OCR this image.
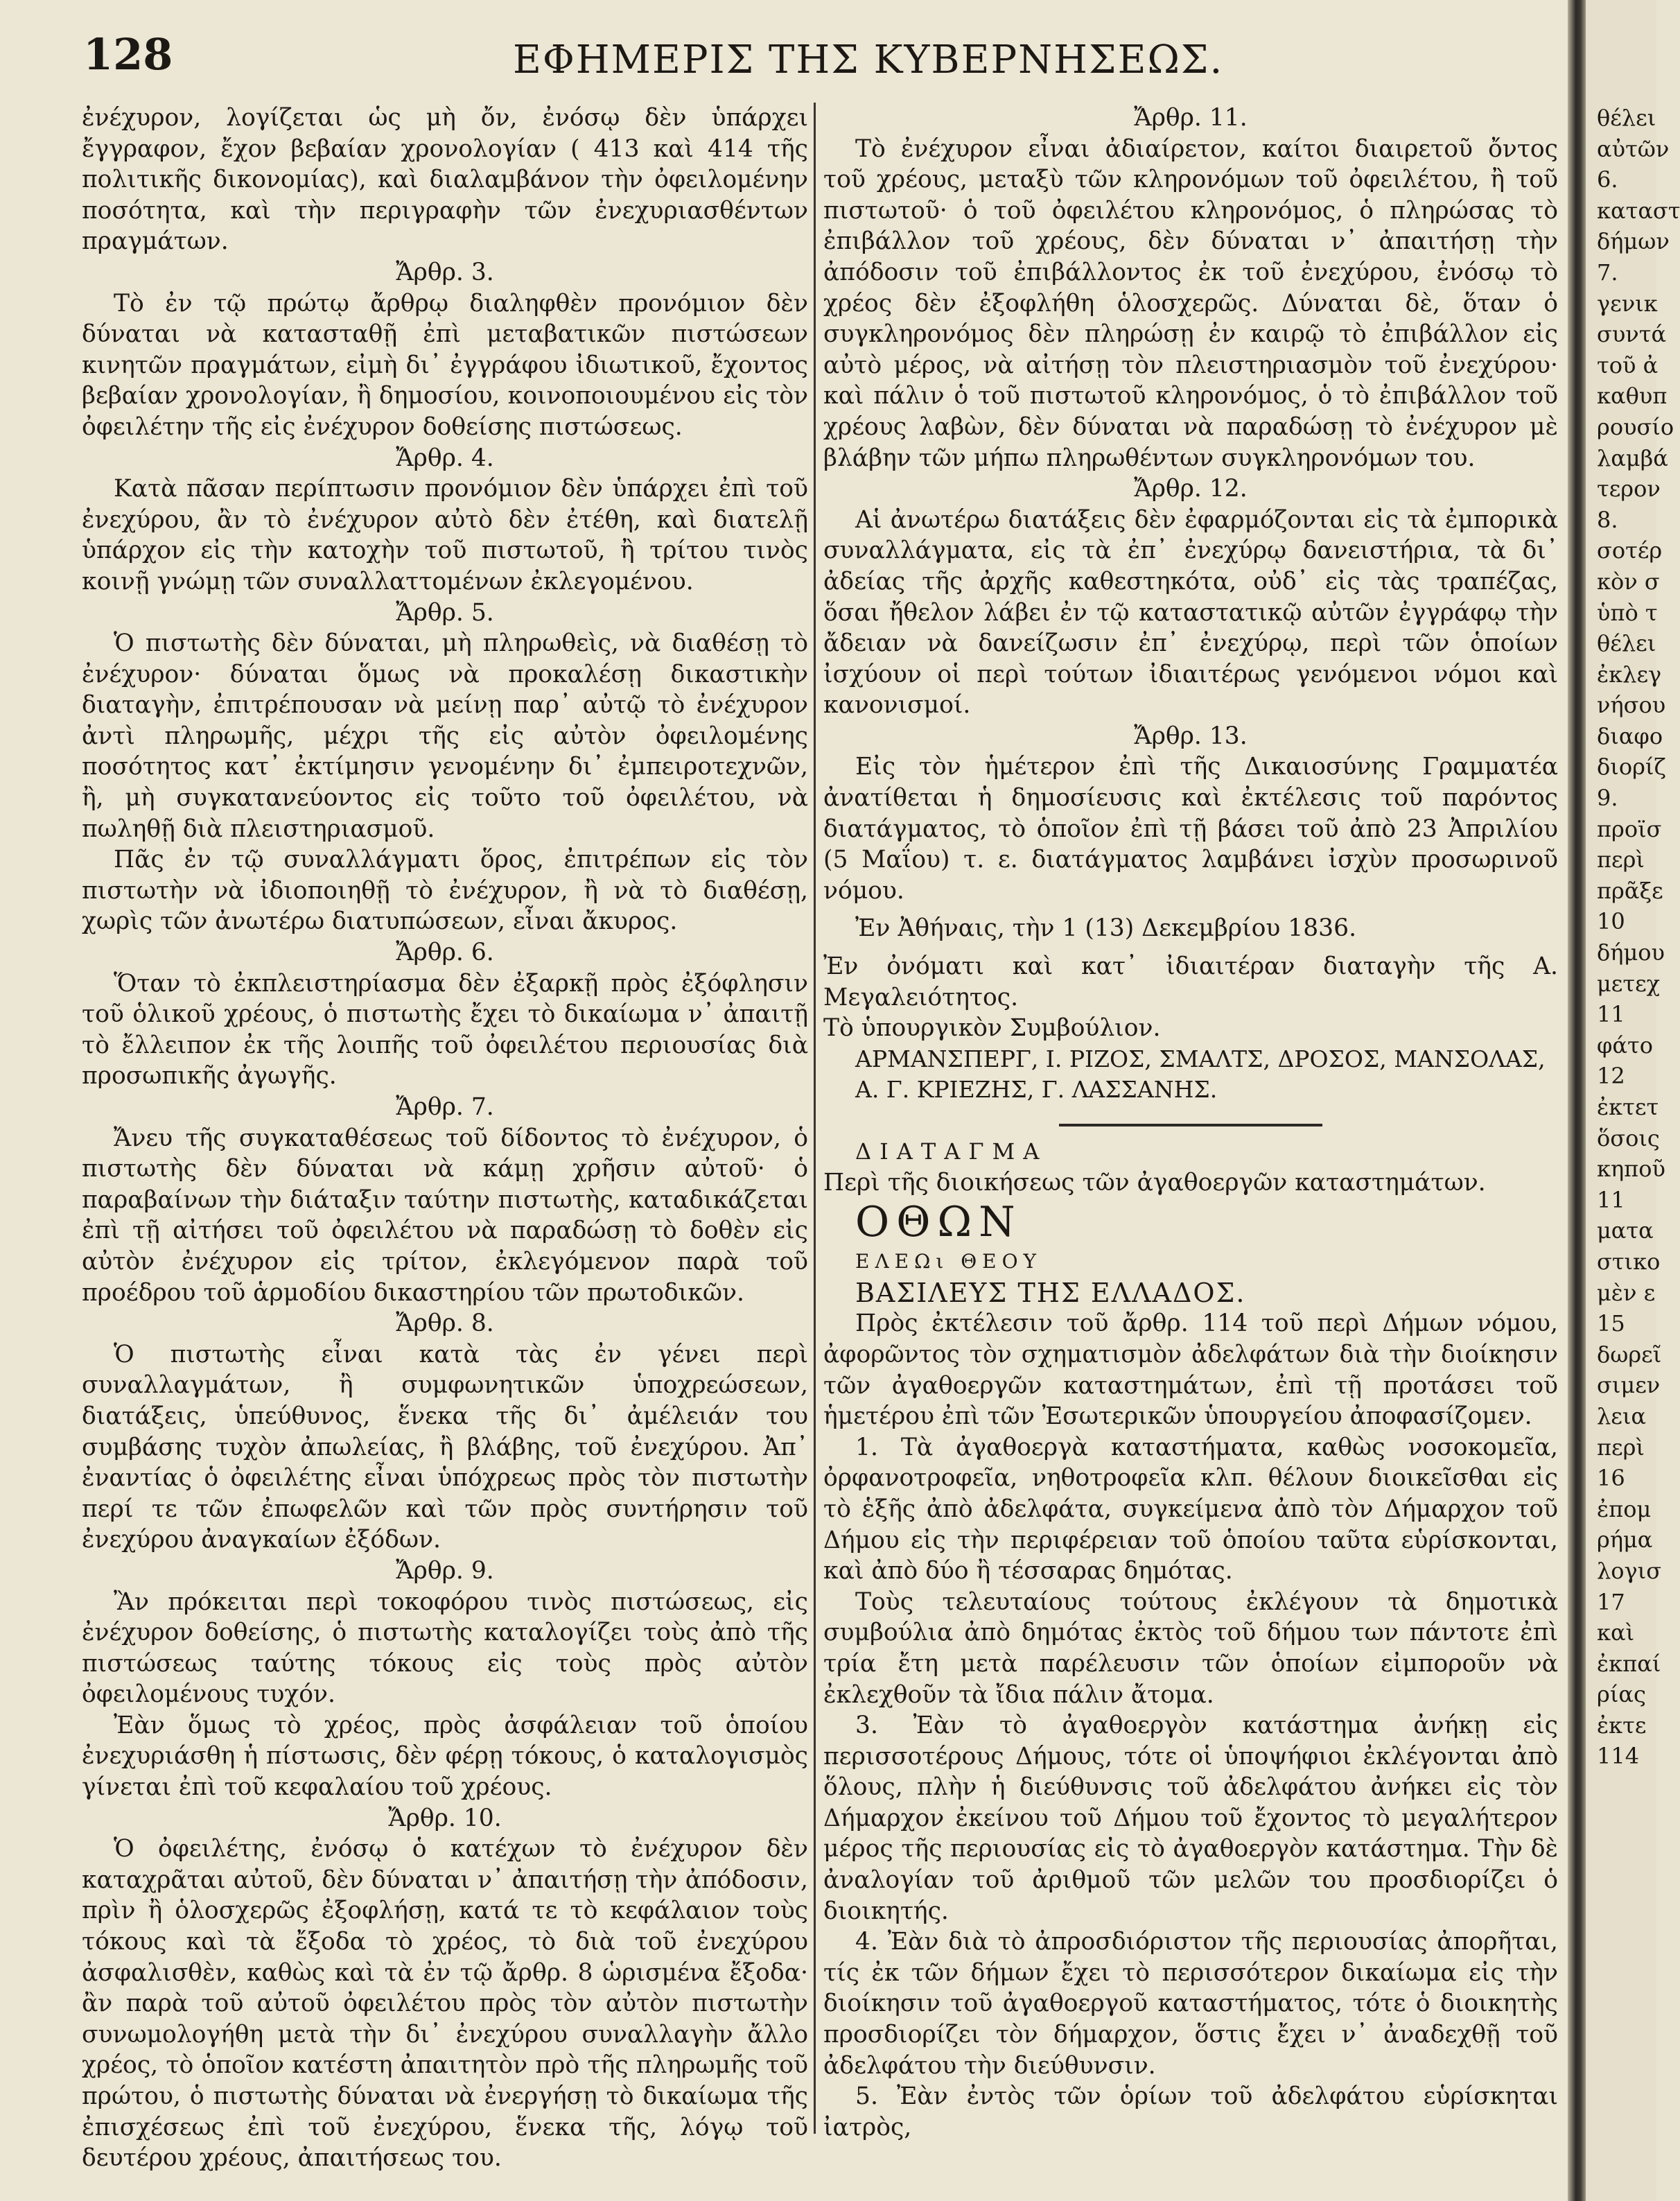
128	ΕΦΗΜΕΡΙΣ ΤΗΣ ΚΥΒΕΡΝΗΣΕΩΣ.

ἐνέχυρον, λογίζεται ὡς μὴ ὄν, ἐνόσῳ δὲν ὑπάρχει ἔγγραφον, ἔχον βεβαίαν χρονολογίαν ( 413 καὶ 414 τῆς πολιτικῆς δικονομίας), καὶ διαλαμβάνον τὴν ὀφειλομένην ποσότητα, καὶ τὴν περιγραφὴν τῶν ἐνεχυριασθέντων πραγμάτων.

Ἄρθρ. 3.

Τὸ ἐν τῷ πρώτῳ ἄρθρῳ διαληφθὲν προνόμιον δὲν δύναται νὰ κατασταθῇ ἐπὶ μεταβατικῶν πιστώσεων κινητῶν πραγμάτων, εἰμὴ δι᾽ ἐγγράφου ἰδιωτικοῦ, ἔχοντος βεβαίαν χρονολογίαν, ἢ δημοσίου, κοινοποιουμένου εἰς τὸν ὀφειλέτην τῆς εἰς ἐνέχυρον δοθείσης πιστώσεως.

Ἄρθρ. 4.

Κατὰ πᾶσαν περίπτωσιν προνόμιον δὲν ὑπάρχει ἐπὶ τοῦ ἐνεχύρου, ἂν τὸ ἐνέχυρον αὐτὸ δὲν ἐτέθη, καὶ διατελῇ ὑπάρχον εἰς τὴν κατοχὴν τοῦ πιστωτοῦ, ἢ τρίτου τινὸς κοινῇ γνώμῃ τῶν συναλλαττομένων ἐκλεγομένου.

Ἄρθρ. 5.

Ὁ πιστωτὴς δὲν δύναται, μὴ πληρωθεὶς, νὰ διαθέσῃ τὸ ἐνέχυρον· δύναται ὅμως νὰ προκαλέσῃ δικαστικὴν διαταγὴν, ἐπιτρέπουσαν νὰ μείνῃ παρ᾽ αὐτῷ τὸ ἐνέχυρον ἀντὶ πληρωμῆς, μέχρι τῆς εἰς αὐτὸν ὀφειλομένης ποσότητος κατ᾽ ἐκτίμησιν γενομένην δι᾽ ἐμπειροτεχνῶν, ἢ, μὴ συγκατανεύοντος εἰς τοῦτο τοῦ ὀφειλέτου, νὰ πωληθῇ διὰ πλειστηριασμοῦ.

Πᾶς ἐν τῷ συναλλάγματι ὅρος, ἐπιτρέπων εἰς τὸν πιστωτὴν νὰ ἰδιοποιηθῇ τὸ ἐνέχυρον, ἢ νὰ τὸ διαθέσῃ, χωρὶς τῶν ἀνωτέρω διατυπώσεων, εἶναι ἄκυρος.

Ἄρθρ. 6.

Ὅταν τὸ ἐκπλειστηρίασμα δὲν ἐξαρκῇ πρὸς ἐξόφλησιν τοῦ ὁλικοῦ χρέους, ὁ πιστωτὴς ἔχει τὸ δικαίωμα ν᾽ ἀπαιτῇ τὸ ἔλλειπον ἐκ τῆς λοιπῆς τοῦ ὀφειλέτου περιουσίας διὰ προσωπικῆς ἀγωγῆς.

Ἄρθρ. 7.

Ἄνευ τῆς συγκαταθέσεως τοῦ δίδοντος τὸ ἐνέχυρον, ὁ πιστωτὴς δὲν δύναται νὰ κάμῃ χρῆσιν αὐτοῦ· ὁ παραβαίνων τὴν διάταξιν ταύτην πιστωτὴς, καταδικάζεται ἐπὶ τῇ αἰτήσει τοῦ ὀφειλέτου νὰ παραδώσῃ τὸ δοθὲν εἰς αὐτὸν ἐνέχυρον εἰς τρίτον, ἐκλεγόμενον παρὰ τοῦ προέδρου τοῦ ἁρμοδίου δικαστηρίου τῶν πρωτοδικῶν.

Ἄρθρ. 8.

Ὁ πιστωτὴς εἶναι κατὰ τὰς ἐν γένει περὶ συναλλαγμάτων, ἢ συμφωνητικῶν ὑποχρεώσεων, διατάξεις, ὑπεύθυνος, ἕνεκα τῆς δι᾽ ἀμέλειάν του συμβάσης τυχὸν ἀπωλείας, ἢ βλάβης, τοῦ ἐνεχύρου. Ἀπ᾽ ἐναντίας ὁ ὀφειλέτης εἶναι ὑπόχρεως πρὸς τὸν πιστωτὴν περί τε τῶν ἐπωφελῶν καὶ τῶν πρὸς συντήρησιν τοῦ ἐνεχύρου ἀναγκαίων ἐξόδων.

Ἄρθρ. 9.

Ἂν πρόκειται περὶ τοκοφόρου τινὸς πιστώσεως, εἰς ἐνέχυρον δοθείσης, ὁ πιστωτὴς καταλογίζει τοὺς ἀπὸ τῆς πιστώσεως ταύτης τόκους εἰς τοὺς πρὸς αὐτὸν ὀφειλομένους τυχόν.

Ἐὰν ὅμως τὸ χρέος, πρὸς ἀσφάλειαν τοῦ ὁποίου ἐνεχυριάσθη ἡ πίστωσις, δὲν φέρῃ τόκους, ὁ καταλογισμὸς γίνεται ἐπὶ τοῦ κεφαλαίου τοῦ χρέους.

Ἄρθρ. 10.

Ὁ ὀφειλέτης, ἐνόσῳ ὁ κατέχων τὸ ἐνέχυρον δὲν καταχρᾶται αὐτοῦ, δὲν δύναται ν᾽ ἀπαιτήσῃ τὴν ἀπόδοσιν, πρὶν ἢ ὁλοσχερῶς ἐξοφλήσῃ, κατά τε τὸ κεφάλαιον τοὺς τόκους καὶ τὰ ἔξοδα τὸ χρέος, τὸ διὰ τοῦ ἐνεχύρου ἀσφαλισθὲν, καθὼς καὶ τὰ ἐν τῷ ἄρθρ. 8 ὡρισμένα ἔξοδα· ἂν παρὰ τοῦ αὐτοῦ ὀφειλέτου πρὸς τὸν αὐτὸν πιστωτὴν συνωμολογήθη μετὰ τὴν δι᾽ ἐνεχύρου συναλλαγὴν ἄλλο χρέος, τὸ ὁποῖον κατέστη ἀπαιτητὸν πρὸ τῆς πληρωμῆς τοῦ πρώτου, ὁ πιστωτὴς δύναται νὰ ἐνεργήσῃ τὸ δικαίωμα τῆς ἐπισχέσεως ἐπὶ τοῦ ἐνεχύρου, ἕνεκα τῆς, λόγῳ τοῦ δευτέρου χρέους, ἀπαιτήσεως του.

Ἄρθρ. 11.

Τὸ ἐνέχυρον εἶναι ἀδιαίρετον, καίτοι διαιρετοῦ ὄντος τοῦ χρέους, μεταξὺ τῶν κληρονόμων τοῦ ὀφειλέτου, ἢ τοῦ πιστωτοῦ· ὁ τοῦ ὀφειλέτου κληρονόμος, ὁ πληρώσας τὸ ἐπιβάλλον τοῦ χρέους, δὲν δύναται ν᾽ ἀπαιτήσῃ τὴν ἀπόδοσιν τοῦ ἐπιβάλλοντος ἐκ τοῦ ἐνεχύρου, ἐνόσῳ τὸ χρέος δὲν ἐξοφλήθη ὁλοσχερῶς. Δύναται δὲ, ὅταν ὁ συγκληρονόμος δὲν πληρώσῃ ἐν καιρῷ τὸ ἐπιβάλλον εἰς αὐτὸ μέρος, νὰ αἰτήσῃ τὸν πλειστηριασμὸν τοῦ ἐνεχύρου· καὶ πάλιν ὁ τοῦ πιστωτοῦ κληρονόμος, ὁ τὸ ἐπιβάλλον τοῦ χρέους λαβὼν, δὲν δύναται νὰ παραδώσῃ τὸ ἐνέχυρον μὲ βλάβην τῶν μήπω πληρωθέντων συγκληρονόμων του.

Ἄρθρ. 12.

Αἱ ἀνωτέρω διατάξεις δὲν ἐφαρμόζονται εἰς τὰ ἐμπορικὰ συναλλάγματα, εἰς τὰ ἐπ᾽ ἐνεχύρῳ δανειστήρια, τὰ δι᾽ ἀδείας τῆς ἀρχῆς καθεστηκότα, οὐδ᾽ εἰς τὰς τραπέζας, ὅσαι ἤθελον λάβει ἐν τῷ καταστατικῷ αὐτῶν ἐγγράφῳ τὴν ἄδειαν νὰ δανείζωσιν ἐπ᾽ ἐνεχύρῳ, περὶ τῶν ὁποίων ἰσχύουν οἱ περὶ τούτων ἰδιαιτέρως γενόμενοι νόμοι καὶ κανονισμοί.

Ἄρθρ. 13.

Εἰς τὸν ἡμέτερον ἐπὶ τῆς Δικαιοσύνης Γραμματέα ἀνατίθεται ἡ δημοσίευσις καὶ ἐκτέλεσις τοῦ παρόντος διατάγματος, τὸ ὁποῖον ἐπὶ τῇ βάσει τοῦ ἀπὸ 23 Ἀπριλίου (5 Μαΐου) τ. ε. διατάγματος λαμβάνει ἰσχὺν προσωρινοῦ νόμου.

Ἐν Ἀθήναις, τὴν 1 (13) Δεκεμβρίου 1836.

Ἐν ὀνόματι καὶ κατ᾽ ἰδιαιτέραν διαταγὴν τῆς Α. Μεγαλειότητος.

Τὸ ὑπουργικὸν Συμβούλιον.

ΑΡΜΑΝΣΠΕΡΓ, Ι. ΡΙΖΟΣ, ΣΜΑΛΤΣ, ΔΡΟΣΟΣ, ΜΑΝΣΟΛΑΣ,

Α. Γ. ΚΡΙΕΖΗΣ, Γ. ΛΑΣΣΑΝΗΣ.

ΔΙΑΤΑΓΜΑ

Περὶ τῆς διοικήσεως τῶν ἀγαθοεργῶν καταστημάτων.

ΟΘΩΝ

ΕΛΕΩι ΘΕΟΥ

ΒΑΣΙΛΕΥΣ ΤΗΣ ΕΛΛΑΔΟΣ.

Πρὸς ἐκτέλεσιν τοῦ ἄρθρ. 114 τοῦ περὶ Δήμων νόμου, ἀφορῶντος τὸν σχηματισμὸν ἀδελφάτων διὰ τὴν διοίκησιν τῶν ἀγαθοεργῶν καταστημάτων, ἐπὶ τῇ προτάσει τοῦ ἡμετέρου ἐπὶ τῶν Ἐσωτερικῶν ὑπουργείου ἀποφασίζομεν.

1. Τὰ ἀγαθοεργὰ καταστήματα, καθὼς νοσοκομεῖα, ὀρφανοτροφεῖα, νηθοτροφεῖα κλπ. θέλουν διοικεῖσθαι εἰς τὸ ἑξῆς ἀπὸ ἀδελφάτα, συγκείμενα ἀπὸ τὸν Δήμαρχον τοῦ Δήμου εἰς τὴν περιφέρειαν τοῦ ὁποίου ταῦτα εὑρίσκονται, καὶ ἀπὸ δύο ἢ τέσσαρας δημότας.

Τοὺς τελευταίους τούτους ἐκλέγουν τὰ δημοτικὰ συμβούλια ἀπὸ δημότας ἐκτὸς τοῦ δήμου των πάντοτε ἐπὶ τρία ἔτη μετὰ παρέλευσιν τῶν ὁποίων εἰμποροῦν νὰ ἐκλεχθοῦν τὰ ἴδια πάλιν ἄτομα.

3. Ἐὰν τὸ ἀγαθοεργὸν κατάστημα ἀνήκῃ εἰς περισσοτέρους Δήμους, τότε οἱ ὑποψήφιοι ἐκλέγονται ἀπὸ ὅλους, πλὴν ἡ διεύθυνσις τοῦ ἀδελφάτου ἀνήκει εἰς τὸν Δήμαρχον ἐκείνου τοῦ Δήμου τοῦ ἔχοντος τὸ μεγαλήτερον μέρος τῆς περιουσίας εἰς τὸ ἀγαθοεργὸν κατάστημα. Τὴν δὲ ἀναλογίαν τοῦ ἀριθμοῦ τῶν μελῶν του προσδιορίζει ὁ διοικητής.

4. Ἐὰν διὰ τὸ ἀπροσδιόριστον τῆς περιουσίας ἀπορῆται, τίς ἐκ τῶν δήμων ἔχει τὸ περισσότερον δικαίωμα εἰς τὴν διοίκησιν τοῦ ἀγαθοεργοῦ καταστήματος, τότε ὁ διοικητὴς προσδιορίζει τὸν δήμαρχον, ὅστις ἔχει ν᾽ ἀναδεχθῇ τοῦ ἀδελφάτου τὴν διεύθυνσιν.

5. Ἐὰν ἐντὸς τῶν ὁρίων τοῦ ἀδελφάτου εὑρίσκηται ἰατρὸς,

θέλει
αὐτῶν
6.
καταστ
δήμων
7.
γενικ
συντά
τοῦ ἀ
καθυπ
ρουσίο
λαμβά
τερον
8.
σοτέρ
κὸν σ
ὑπὸ τ
θέλει
ἐκλεγ
νήσου
διαφο
διορίζ
9.
προϊσ
περὶ
πρᾶξε
10
δήμου
μετεχ
11
φάτο
12
ἐκτετ
ὅσοις
κηποῦ
11
ματα
στικο
μὲν ε
15
δωρεῖ
σιμεν
λεια
περὶ
16
ἐπομ
ρήμα
λογισ
17
καὶ
ἐκπαί
ρίας
ἐκτε
114
